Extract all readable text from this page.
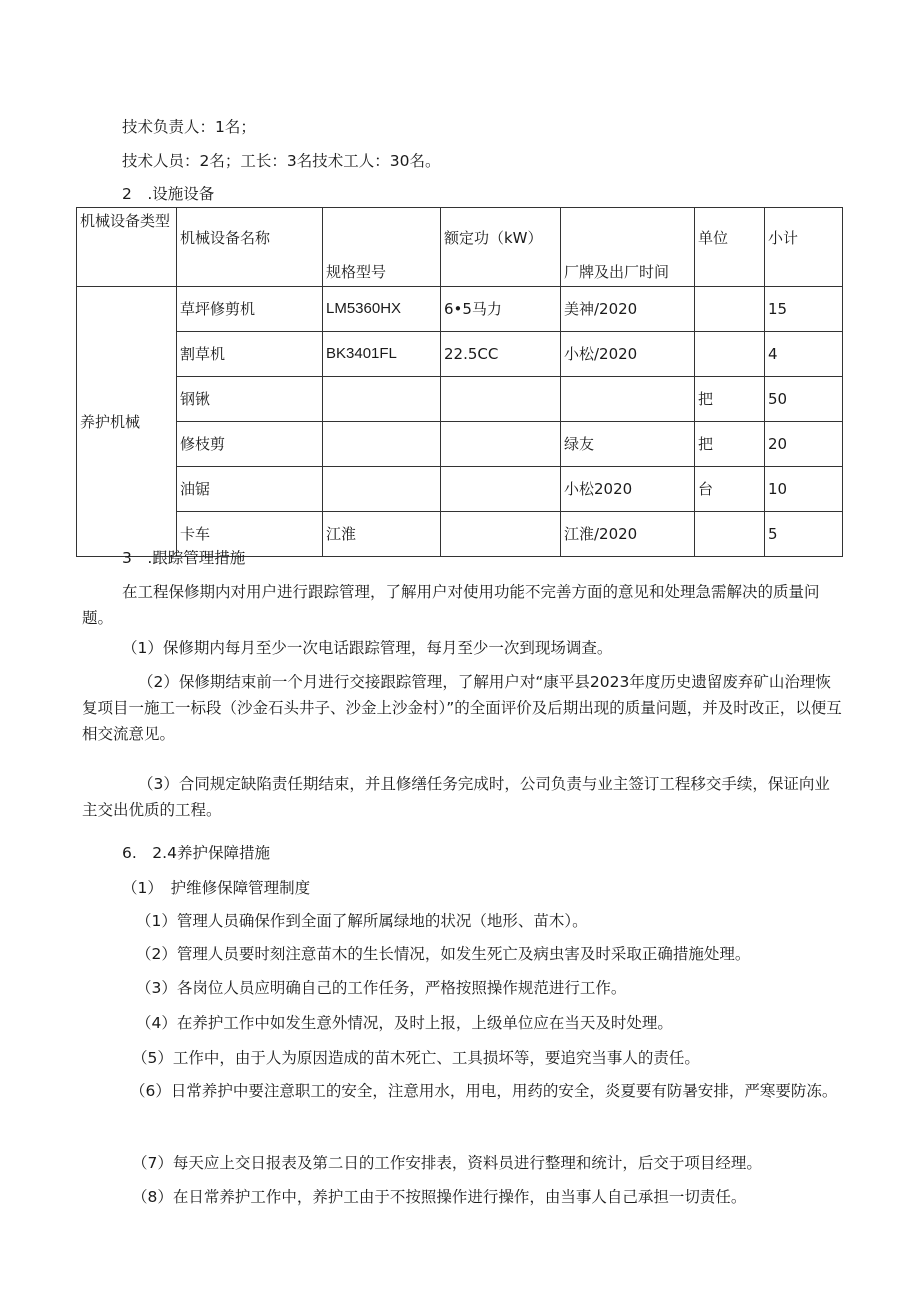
技术负责人：1名；
技术人员：2名；工长：3名技术工人：30名。
2　.设施设备
机械设备类型	机械设备名称	规格型号	额定功（kW）	厂牌及出厂时间	单位	小计
养护机械	草坪修剪机	LM5360HX	6•5马力	美神/2020		15
	割草机	BK3401FL	22.5CC	小松/2020		4
	钢锹				把	50
	修枝剪			绿友	把	20
	油锯			小松2020	台	10
	卡车	江淮		江淮/2020		5
3　.跟踪管理措施
在工程保修期内对用户进行跟踪管理，了解用户对使用功能不完善方面的意见和处理急需解决的质量问题。
（1）保修期内每月至少一次电话跟踪管理，每月至少一次到现场调查。
（2）保修期结束前一个月进行交接跟踪管理，了解用户对“康平县2023年度历史遗留废弃矿山治理恢复项目一施工一标段（沙金石头井子、沙金上沙金村）”的全面评价及后期出现的质量问题，并及时改正，以便互相交流意见。
（3）合同规定缺陷责任期结束，并且修缮任务完成时，公司负责与业主签订工程移交手续，保证向业主交出优质的工程。
6.　2.4养护保障措施
（1）　护维修保障管理制度
（1）管理人员确保作到全面了解所属绿地的状况（地形、苗木）。
（2）管理人员要时刻注意苗木的生长情况，如发生死亡及病虫害及时采取正确措施处理。
（3）各岗位人员应明确自己的工作任务，严格按照操作规范进行工作。
（4）在养护工作中如发生意外情况，及时上报，上级单位应在当天及时处理。
（5）工作中，由于人为原因造成的苗木死亡、工具损坏等，要追究当事人的责任。
（6）日常养护中要注意职工的安全，注意用水，用电，用药的安全，炎夏要有防暑安排，严寒要防冻。
（7）每天应上交日报表及第二日的工作安排表，资料员进行整理和统计，后交于项目经理。
（8）在日常养护工作中，养护工由于不按照操作进行操作，由当事人自己承担一切责任。
